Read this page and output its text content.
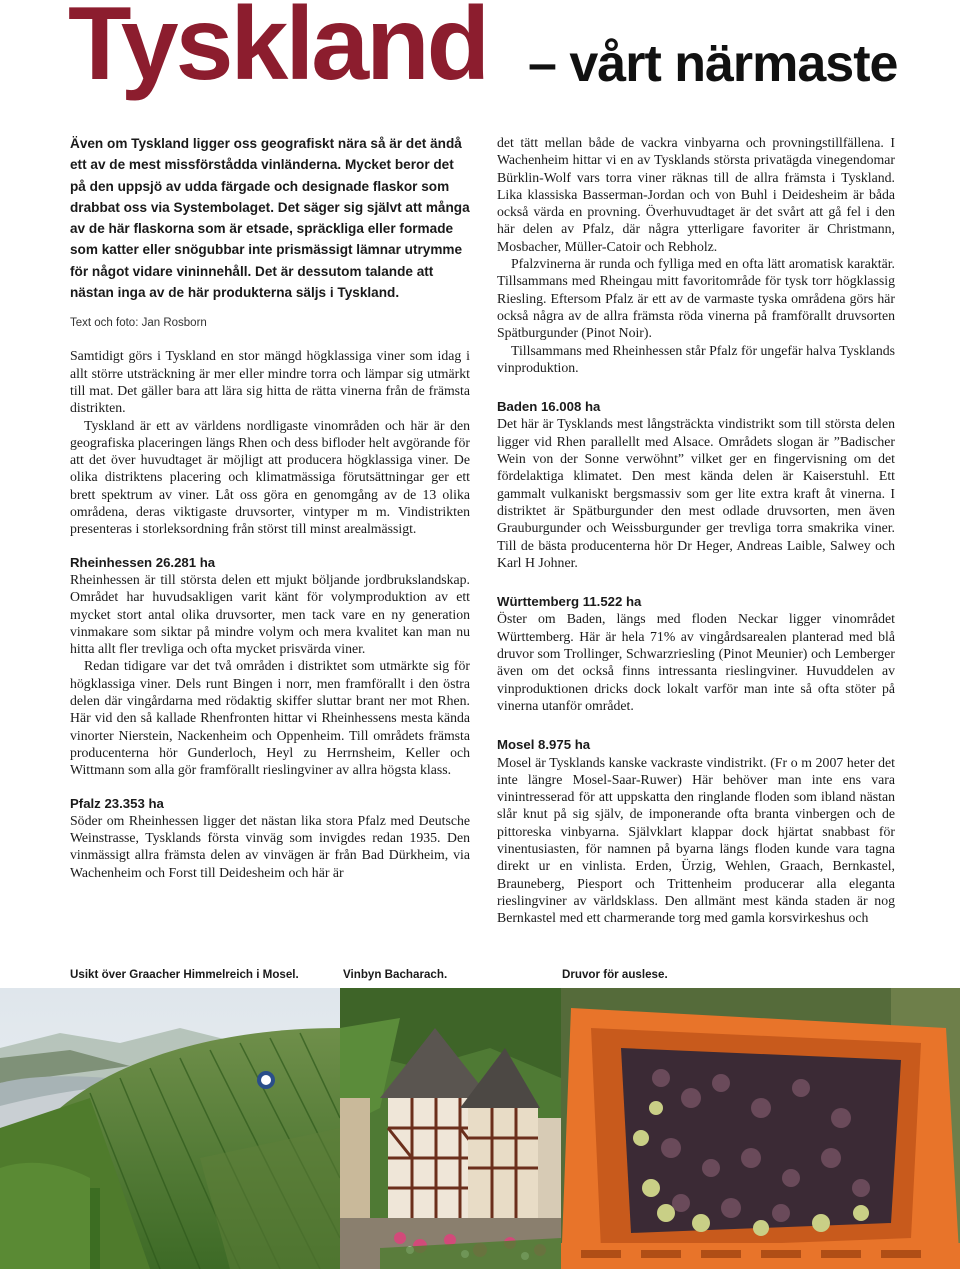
Tyskland – vårt närmaste

Även om Tyskland ligger oss geografiskt nära så är det ändå ett av de mest missförstådda vinländerna. Mycket beror det på den uppsjö av udda färgade och designade flaskor som drabbat oss via Systembolaget. Det säger sig självt att många av de här flaskorna som är etsade, spräckliga eller formade som katter eller snögubbar inte prismässigt lämnar utrymme för något vidare vininnehåll. Det är dessutom talande att nästan inga av de här produkterna säljs i Tyskland.

Text och foto: Jan Rosborn

Samtidigt görs i Tyskland en stor mängd högklassiga viner som idag i allt större utsträckning är mer eller mindre torra och lämpar sig utmärkt till mat. Det gäller bara att lära sig hitta de rätta vinerna från de främsta distrikten.

Tyskland är ett av världens nordligaste vinområden och här är den geografiska placeringen längs Rhen och dess bifloder helt avgörande för att det över huvudtaget är möjligt att producera högklassiga viner. De olika distriktens placering och klimatmässiga förutsättningar ger ett brett spektrum av viner. Låt oss göra en genomgång av de 13 olika områdena, deras viktigaste druvsorter, vintyper m m. Vindistrikten presenteras i storleksordning från störst till minst arealmässigt.

Rheinhessen 26.281 ha

Rheinhessen är till största delen ett mjukt böljande jordbrukslandskap. Området har huvudsakligen varit känt för volymproduktion av ett mycket stort antal olika druvsorter, men tack vare en ny generation vinmakare som siktar på mindre volym och mera kvalitet kan man nu hitta allt fler trevliga och ofta mycket prisvärda viner.

Redan tidigare var det två områden i distriktet som utmärkte sig för högklassiga viner. Dels runt Bingen i norr, men framförallt i den östra delen där vingårdarna med rödaktig skiffer sluttar brant ner mot Rhen. Här vid den så kallade Rhenfronten hittar vi Rheinhessens mesta kända vinorter Nierstein, Nackenheim och Oppenheim. Till områdets främsta producenterna hör Gunderloch, Heyl zu Herrnsheim, Keller och Wittmann som alla gör framförallt rieslingviner av allra högsta klass.

Pfalz 23.353 ha

Söder om Rheinhessen ligger det nästan lika stora Pfalz med Deutsche Weinstrasse, Tysklands första vinväg som invigdes redan 1935. Den vinmässigt allra främsta delen av vinvägen är från Bad Dürkheim, via Wachenheim och Forst till Deidesheim och här är

det tätt mellan både de vackra vinbyarna och provningstillfällena. I Wachenheim hittar vi en av Tysklands största privatägda vinegendomar Bürklin-Wolf vars torra viner räknas till de allra främsta i Tyskland. Lika klassiska Basserman-Jordan och von Buhl i Deidesheim är båda också värda en provning. Överhuvudtaget är det svårt att gå fel i den här delen av Pfalz, där några ytterligare favoriter är Christmann, Mosbacher, Müller-Catoir och Rebholz.

Pfalzvinerna är runda och fylliga med en ofta lätt aromatisk karaktär. Tillsammans med Rheingau mitt favoritområde för tysk torr högklassig Riesling. Eftersom Pfalz är ett av de varmaste tyska områdena görs här också några av de allra främsta röda vinerna på framförallt druvsorten Spätburgunder (Pinot Noir).

Tillsammans med Rheinhessen står Pfalz för ungefär halva Tysklands vinproduktion.

Baden 16.008 ha

Det här är Tysklands mest långsträckta vindistrikt som till största delen ligger vid Rhen parallellt med Alsace. Områdets slogan är ”Badischer Wein von der Sonne verwöhnt” vilket ger en fingervisning om det fördelaktiga klimatet. Den mest kända delen är Kaiserstuhl. Ett gammalt vulkaniskt bergsmassiv som ger lite extra kraft åt vinerna. I distriktet är Spätburgunder den mest odlade druvsorten, men även Grauburgunder och Weissburgunder ger trevliga torra smakrika viner. Till de bästa producenterna hör Dr Heger, Andreas Laible, Salwey och Karl H Johner.

Württemberg 11.522 ha

Öster om Baden, längs med floden Neckar ligger vinområdet Württemberg. Här är hela 71% av vingårdsarealen planterad med blå druvor som Trollinger, Schwarzriesling (Pinot Meunier) och Lemberger även om det också finns intressanta rieslingviner. Huvuddelen av vinproduktionen dricks dock lokalt varför man inte så ofta stöter på vinerna utanför området.

Mosel 8.975 ha

Mosel är Tysklands kanske vackraste vindistrikt. (Fr o m 2007 heter det inte längre Mosel-Saar-Ruwer) Här behöver man inte ens vara vinintresserad för att uppskatta den ringlande floden som ibland nästan slår knut på sig själv, de imponerande ofta branta vinbergen och de pittoreska vinbyarna. Självklart klappar dock hjärtat snabbast för vinentusiasten, för namnen på byarna längs floden kunde vara tagna direkt ur en vinlista. Erden, Ürzig, Wehlen, Graach, Bernkastel, Brauneberg, Piesport och Trittenheim producerar alla eleganta rieslingviner av världsklass. Den allmänt mest kända staden är nog Bernkastel med ett charmerande torg med gamla korsvirkeshus och

Usikt över Graacher Himmelreich i Mosel.	Vinbyn Bacharach.	Druvor för auslese.
